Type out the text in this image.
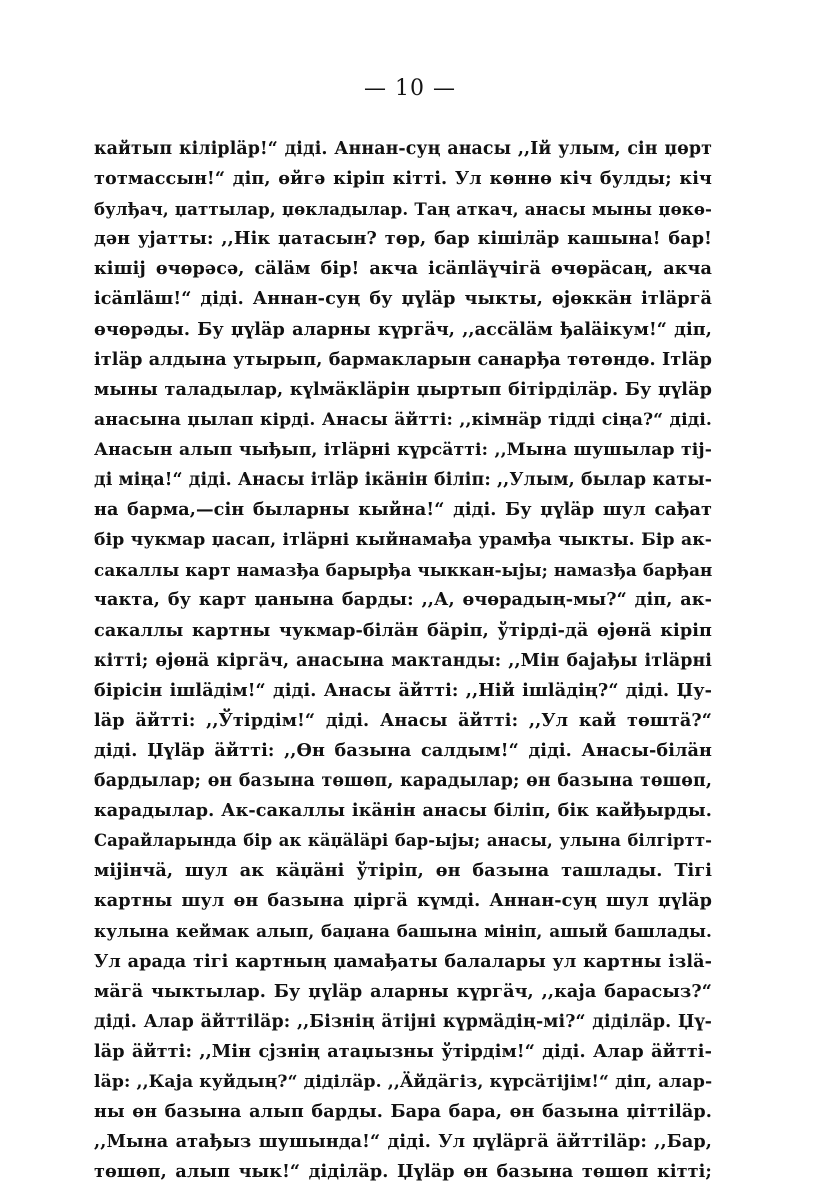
— 10 —
кайтып кіліpläp!“ діді. Аннан-суң анасы ,,Ій улым, сін џөрт
тотмассын!“ діп, өйгә кіріп кітті. Ул көннө кіч булды; кіч
булђач, џаттылар, џөкладылар. Таң аткач, анасы мыны џөкө-
дән уjатты: ,,Нік џатасын? төр, бар кішілäр кашына! бар!
кішіj өчөрәсә, сäläм біp! акча ісäпläүчігä өчөрäсаң, акча
ісäпläш!“ діді. Аннан-суң бу џүläр чыкты, өјөккäн ітläргä
өчөрәды. Бу џүläр аларны күргäч, ,,ассäläм ђаläікум!“ діп,
ітläр алдына утырып, бармакларын санарђа төтөндө. Ітläр
мыны таладылар, күlмäкläрін џыртып бітірділäр. Бу џүläр
анасына џылап кірді. Анасы äйтті: ,,кімнäр тідді сіңа?“ діді.
Анасын алып чыђып, ітläрні күрсäтті: ,,Мына шушылар тіј-
ді міңа!“ діді. Анасы ітläр ікäнін біліп: ,,Улым, былар каты-
на барма,—сін быларны кыйна!“ діді. Бу џүläр шул сађат
бір чукмар џасап, ітläрні кыйнамађа урамђа чыкты. Бір ак-
сакаллы карт намазђа барырђа чыккан-ыjы; намазђа барђан
чакта, бу карт џанына барды: ,,А, өчөрадың-мы?“ діп, ак-
сакаллы картны чукмар-бiлäн бäріп, ўтірді-дä өјөнä кіріп
кітті; өјөнä кіргäч, анасына мактанды: ,,Мін бајађы ітläрні
бірісін ішläдім!“ діді. Анасы äйтті: ,,Нiй ішläдің?“ діді. Џу-
läр äйтті: ,,Ўтірдім!“ діді. Анасы äйтті: ,,Ул кай төштä?“
діді. Џүläр äйтті: ,,Өн базына салдым!“ діді. Анасы-бiлäн
бардылар; өн базына төшөп, карадылар; өн базына төшөп,
карадылар. Ак-сакаллы ікäнін анасы біліп, бік кайђырды.
Сарайларында бір ак кäџäläрі бар-ыjы; анасы, улына білгіртт-
міјінчä, шул ак кäџäні ўтіріп, өн базына ташлады. Тігі
картны шул өн базына џіргä күмді. Аннан-суң шул џүläр
кулына кеймак алып, баџана башына мініп, ашый башлады.
Ул арада тігі картның џамађаты балалары ул картны ізlä-
мäгä чыктылар. Бу џүläр аларны күргäч, ,,каја барасыз?“
діді. Алар äйттіläр: ,,Бізнің äтіјні күрмäдің-мі?“ діділäр. Џү-
läр äйтті: ,,Мін сјзнің атаџызны ўтірдім!“ діді. Алар äйтті-
läр: ,,Каја куйдың?“ діділäр. ,,Äйдäгіз, күрсäтіјім!“ діп, алар-
ны өн базына алып барды. Бара бара, өн базына џіттіläр.
,,Мына атађыз шушында!“ діді. Ул џүläргä äйттіläр: ,,Бар,
төшөп, алып чык!“ діділäр. Џүläр өн базына төшөп кітті;
